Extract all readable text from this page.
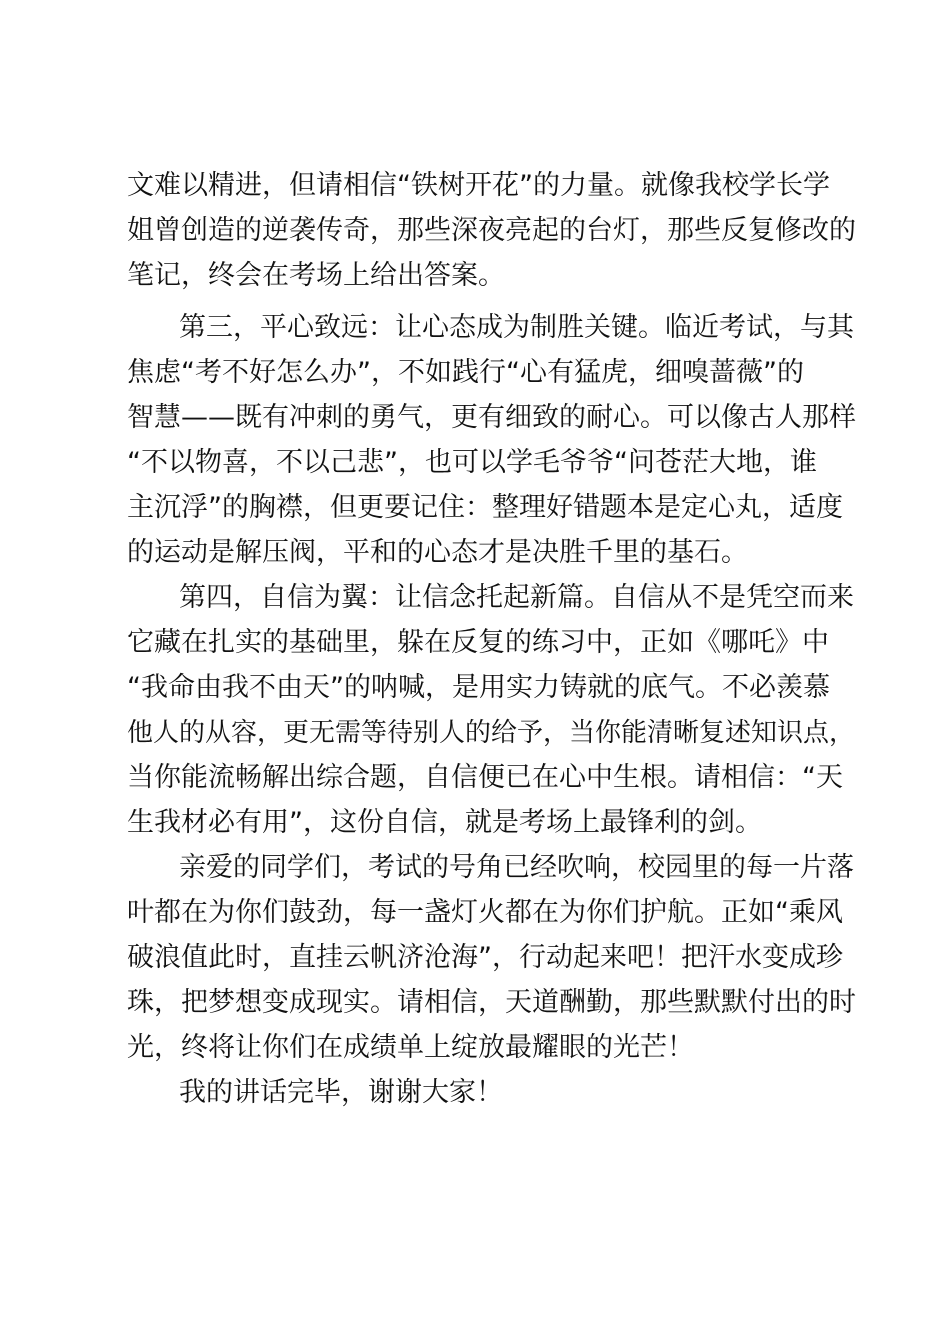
文难以精进，但请相信“铁树开花”的力量。就像我校学长学
姐曾创造的逆袭传奇，那些深夜亮起的台灯，那些反复修改的
笔记，终会在考场上给出答案。
第三，平心致远：让心态成为制胜关键。临近考试，与其
焦虑“考不好怎么办”，不如践行“心有猛虎，细嗅蔷薇”的
智慧——既有冲刺的勇气，更有细致的耐心。可以像古人那样
“不以物喜，不以己悲”，也可以学毛爷爷“问苍茫大地，谁
主沉浮”的胸襟，但更要记住：整理好错题本是定心丸，适度
的运动是解压阀，平和的心态才是决胜千里的基石。
第四，自信为翼：让信念托起新篇。自信从不是凭空而来
它藏在扎实的基础里，躲在反复的练习中，正如《哪吒》中
“我命由我不由天”的呐喊，是用实力铸就的底气。不必羡慕
他人的从容，更无需等待别人的给予，当你能清晰复述知识点，
当你能流畅解出综合题，自信便已在心中生根。请相信：“天
生我材必有用”，这份自信，就是考场上最锋利的剑。
亲爱的同学们，考试的号角已经吹响，校园里的每一片落
叶都在为你们鼓劲，每一盏灯火都在为你们护航。正如“乘风
破浪值此时，直挂云帆济沧海”，行动起来吧！把汗水变成珍
珠，把梦想变成现实。请相信，天道酬勤，那些默默付出的时
光，终将让你们在成绩单上绽放最耀眼的光芒！
我的讲话完毕，谢谢大家！
